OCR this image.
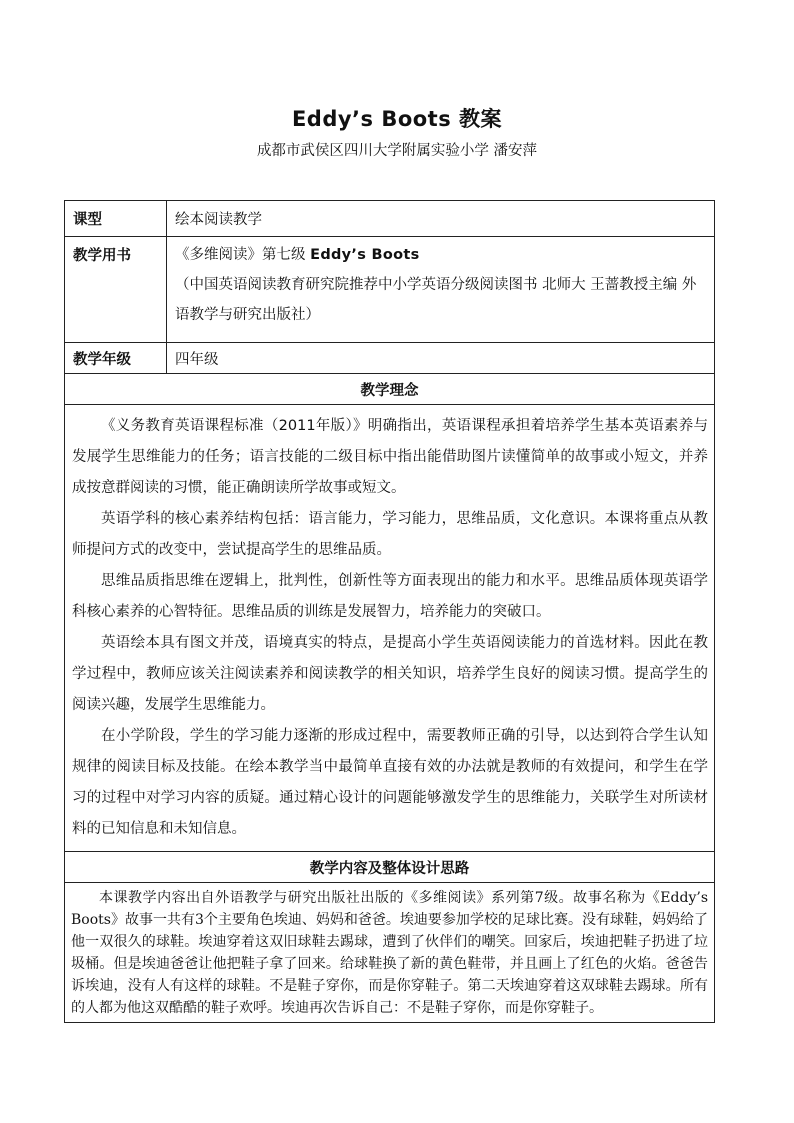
Eddy’s Boots 教案
成都市武侯区四川大学附属实验小学 潘安萍
课型	绘本阅读教学
教学用书	《多维阅读》第七级 Eddy’s Boots
（中国英语阅读教育研究院推荐中小学英语分级阅读图书 北师大 王蔷教授主编 外语教学与研究出版社）

教学年级	四年级
教学理念	

《义务教育英语课程标准（2011年版）》明确指出，英语课程承担着培养学生基本英语素养与发展学生思维能力的任务；语言技能的二级目标中指出能借助图片读懂简单的故事或小短文，并养成按意群阅读的习惯，能正确朗读所学故事或短文。

英语学科的核心素养结构包括：语言能力，学习能力，思维品质，文化意识。本课将重点从教师提问方式的改变中，尝试提高学生的思维品质。

思维品质指思维在逻辑上，批判性，创新性等方面表现出的能力和水平。思维品质体现英语学科核心素养的心智特征。思维品质的训练是发展智力，培养能力的突破口。

英语绘本具有图文并茂，语境真实的特点，是提高小学生英语阅读能力的首选材料。因此在教学过程中，教师应该关注阅读素养和阅读教学的相关知识，培养学生良好的阅读习惯。提高学生的阅读兴趣，发展学生思维能力。

在小学阶段，学生的学习能力逐渐的形成过程中，需要教师正确的引导，以达到符合学生认知规律的阅读目标及技能。在绘本教学当中最简单直接有效的办法就是教师的有效提问，和学生在学习的过程中对学习内容的质疑。通过精心设计的问题能够激发学生的思维能力，关联学生对所读材料的已知信息和未知信息。	

教学内容及整体设计思路	
本课教学内容出自外语教学与研究出版社出版的《多维阅读》系列第7级。故事名称为《Eddy’s Boots》故事一共有3个主要角色埃迪、妈妈和爸爸。埃迪要参加学校的足球比赛。没有球鞋，妈妈给了他一双很久的球鞋。埃迪穿着这双旧球鞋去踢球，遭到了伙伴们的嘲笑。回家后，埃迪把鞋子扔进了垃圾桶。但是埃迪爸爸让他把鞋子拿了回来。给球鞋换了新的黄色鞋带，并且画上了红色的火焰。爸爸告诉埃迪，没有人有这样的球鞋。不是鞋子穿你，而是你穿鞋子。第二天埃迪穿着这双球鞋去踢球。所有的人都为他这双酷酷的鞋子欢呼。埃迪再次告诉自己：不是鞋子穿你，而是你穿鞋子。	
